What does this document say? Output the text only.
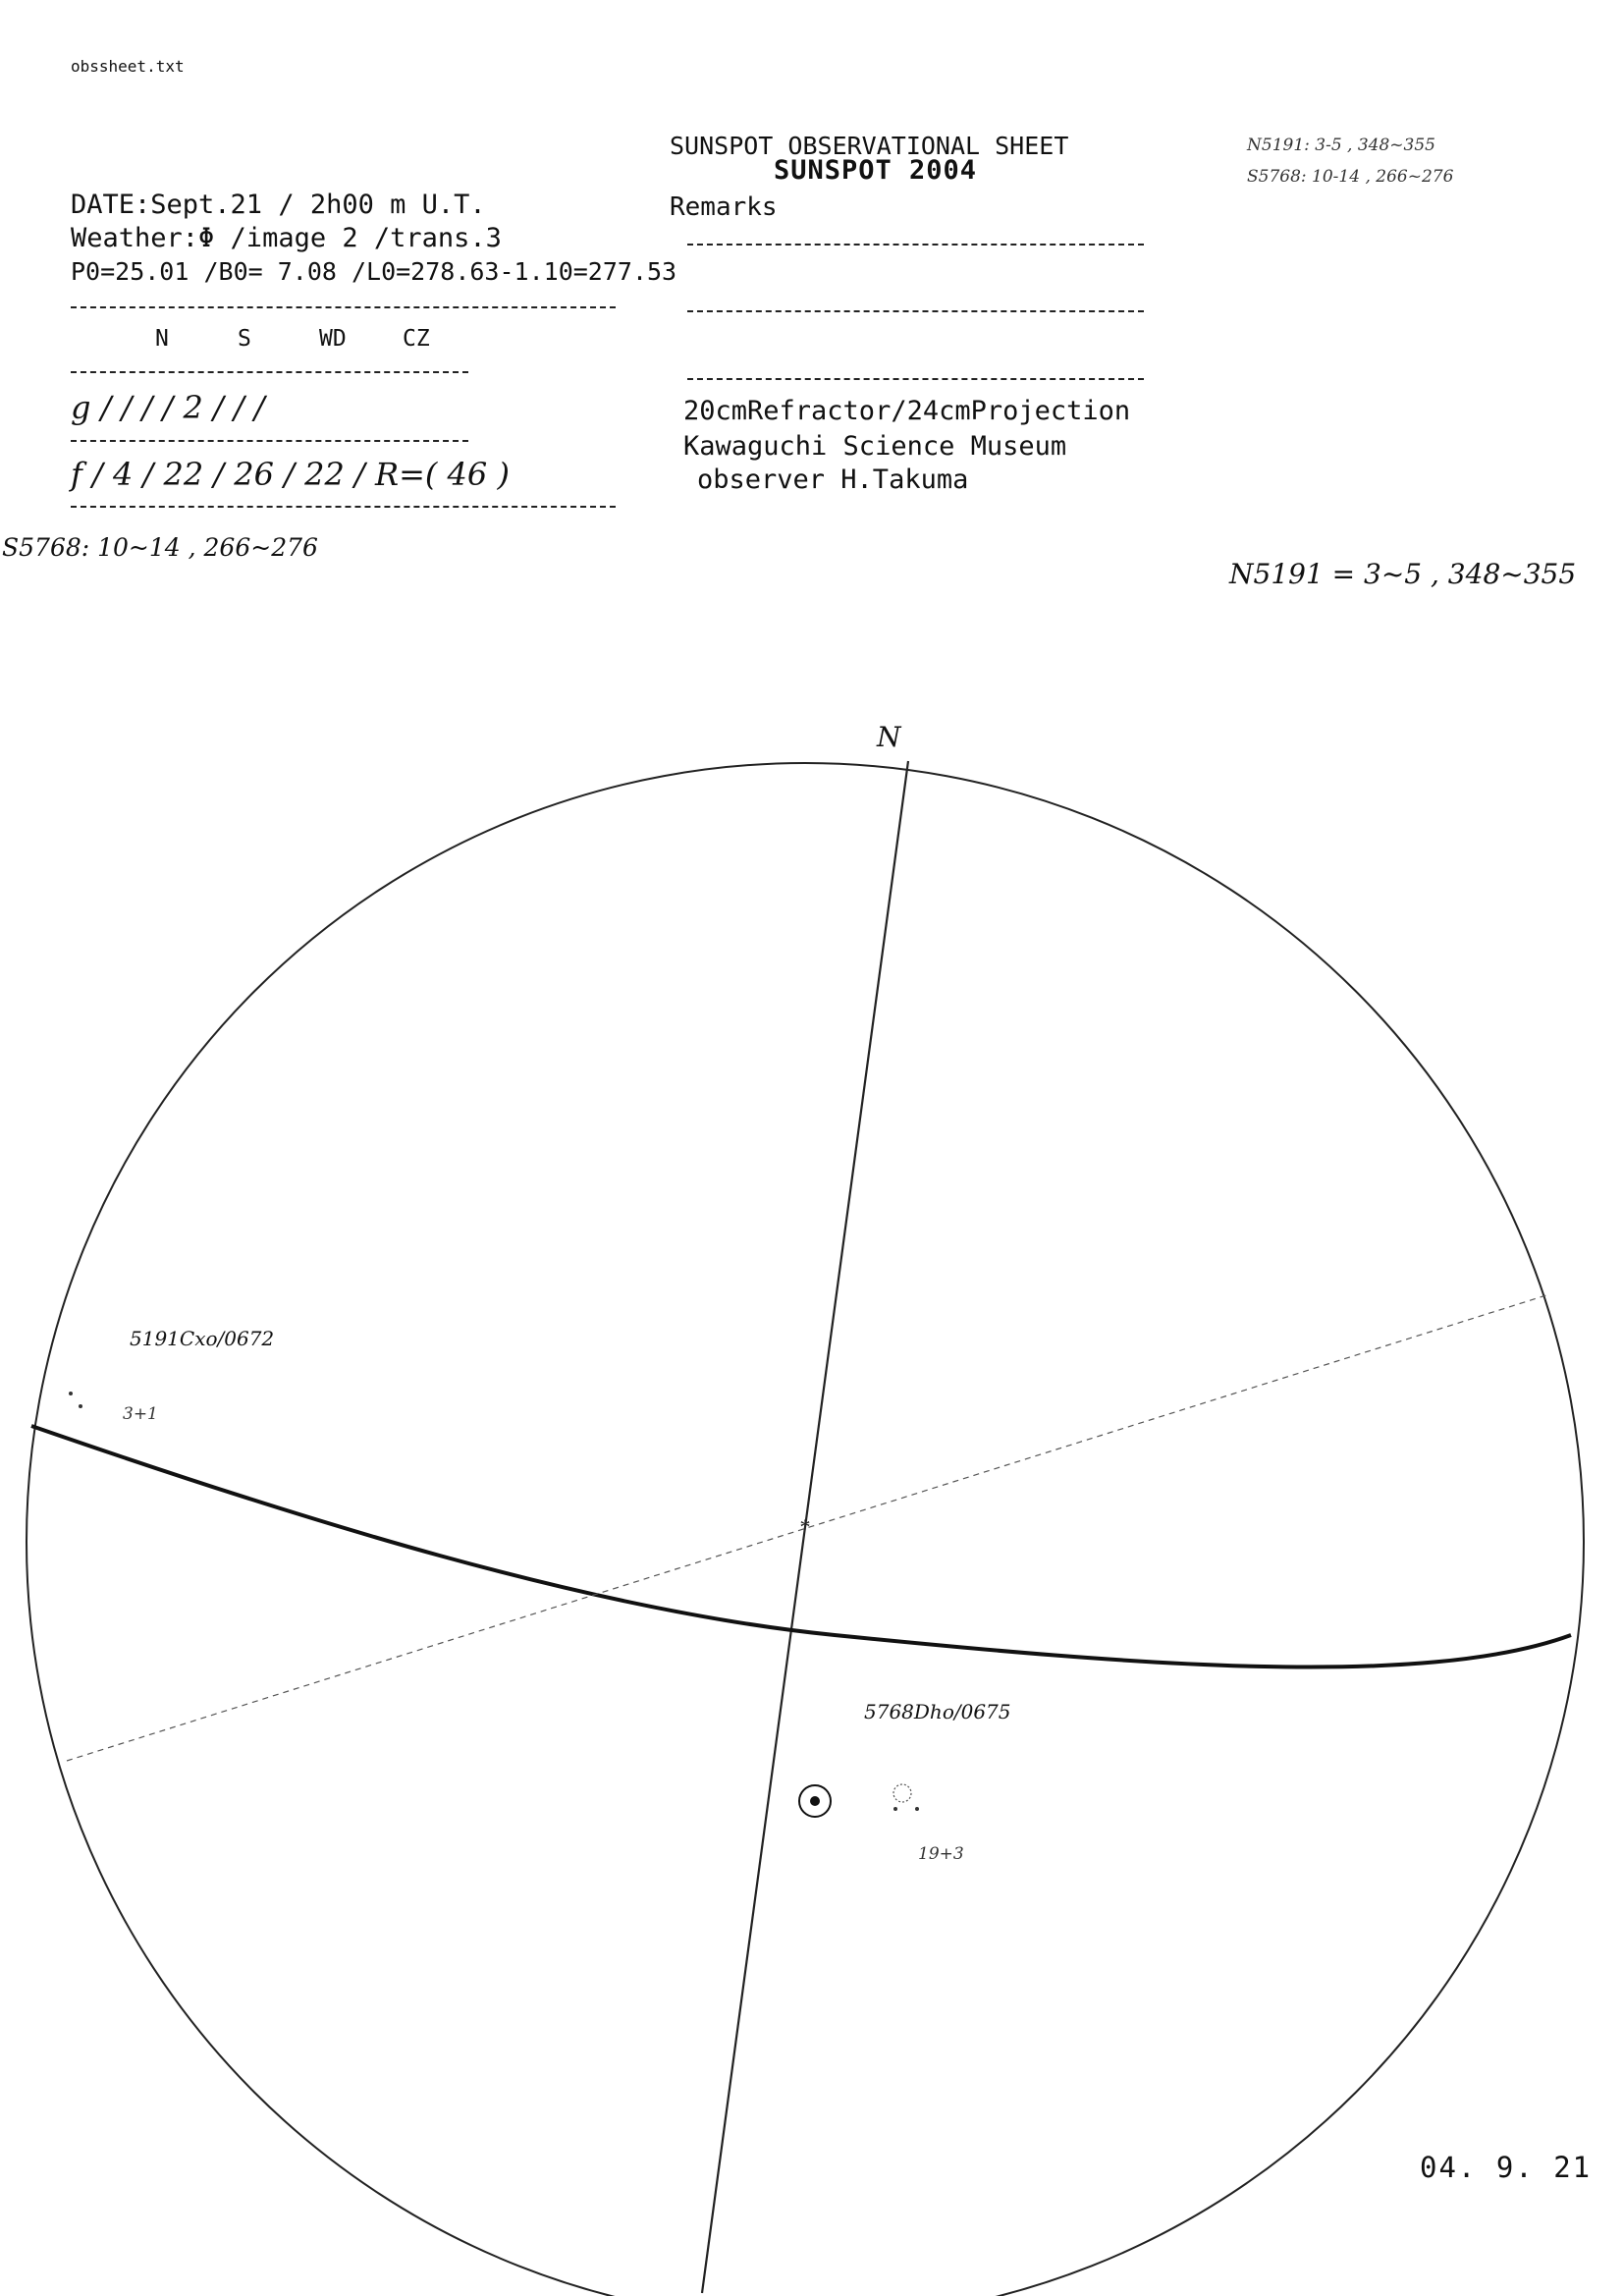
obssheet.txt
SUNSPOT OBSERVATIONAL SHEET
SUNSPOT 2004
Remarks
N5191: 3-5 , 348~355
S5768: 10-14 , 266~276
DATE:Sept.21 / 2h00 m U.T.
Weather:Φ /image 2 /trans.3
P0=25.01 /B0= 7.08 /L0=278.63-1.10=277.53
N	S	WD CZ
g / / / / 2 / / /
f / 4 / 22 / 26 / 22 / R=( 46 )
20cmRefractor/24cmProjection
Kawaguchi Science Museum
observer H.Takuma
S5768: 10~14 , 266~276
N5191 = 3~5 , 348~355
*
N
5191Cxo/0672
3+1
5768Dho/0675
19+3
04. 9. 21
